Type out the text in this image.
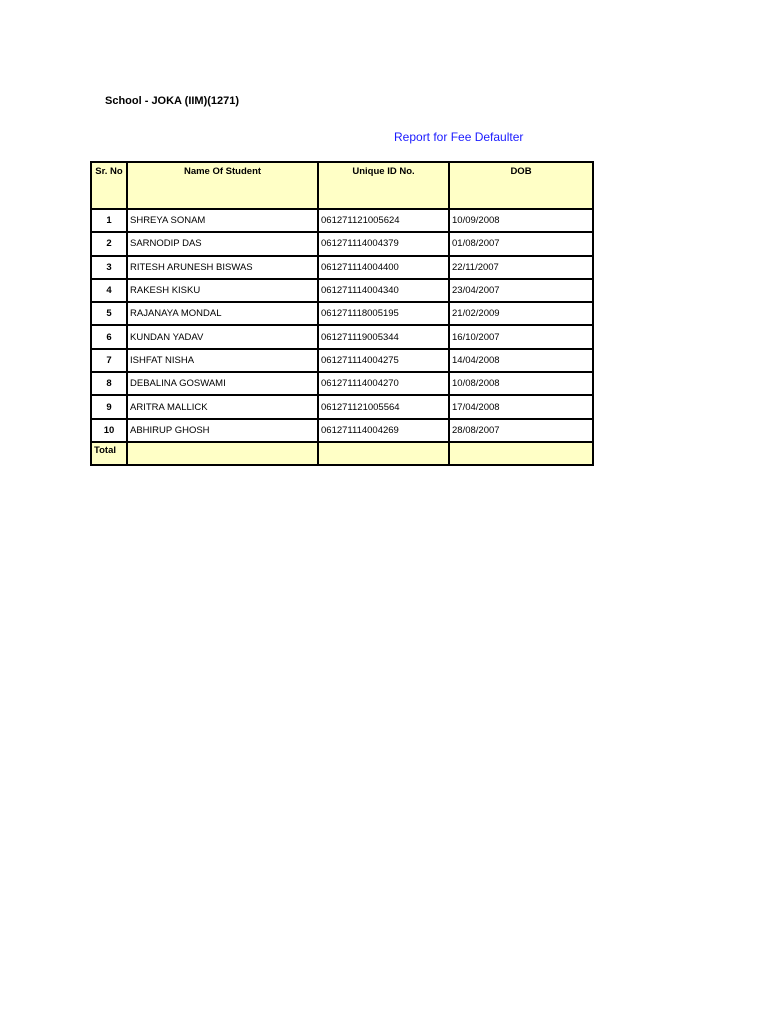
School - JOKA (IIM)(1271)
Report for Fee Defaulter
Sr. No	Name Of Student	Unique ID No.	DOB
1	SHREYA SONAM	061271121005624	10/09/2008
2	SARNODIP DAS	061271114004379	01/08/2007
3	RITESH ARUNESH BISWAS	061271114004400	22/11/2007
4	RAKESH KISKU	061271114004340	23/04/2007
5	RAJANAYA MONDAL	061271118005195	21/02/2009
6	KUNDAN YADAV	061271119005344	16/10/2007
7	ISHFAT NISHA	061271114004275	14/04/2008
8	DEBALINA GOSWAMI	061271114004270	10/08/2008
9	ARITRA MALLICK	061271121005564	17/04/2008
10	ABHIRUP GHOSH	061271114004269	28/08/2007
Total			
